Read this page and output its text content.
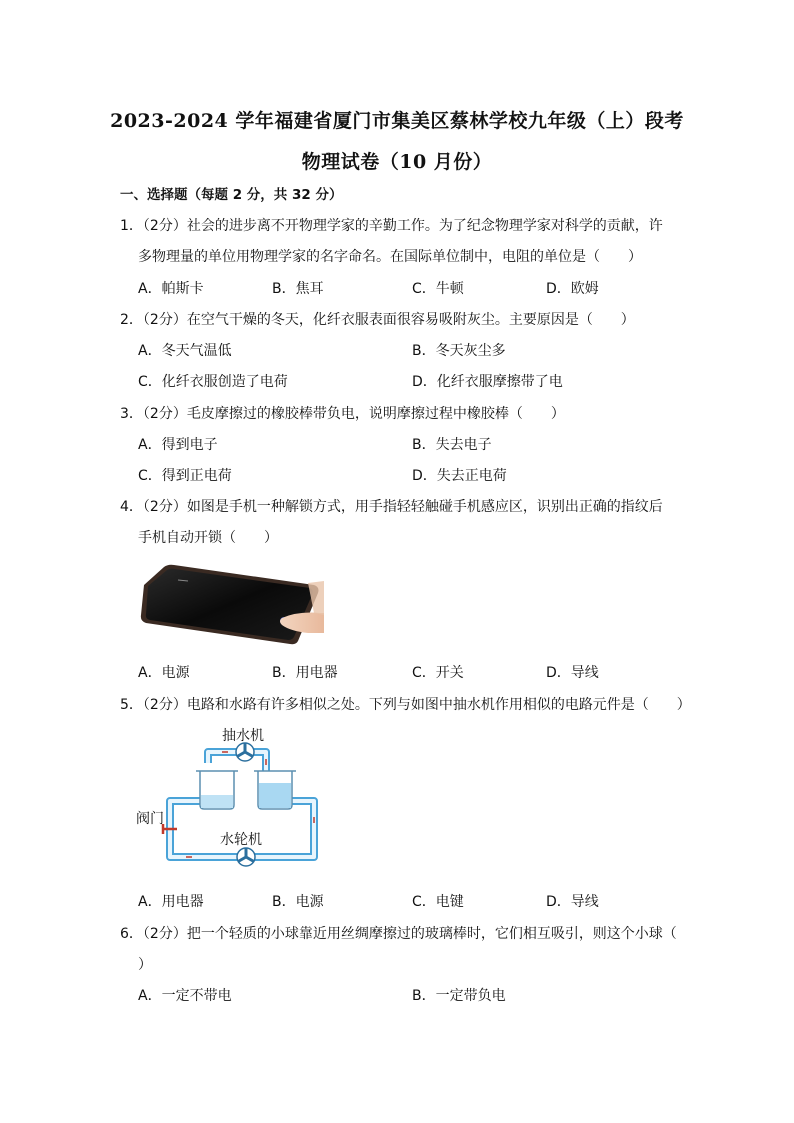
2023-2024 学年福建省厦门市集美区蔡林学校九年级（上）段考
物理试卷（10 月份）
一、选择题（每题 2 分，共 32 分）
1．（2分）社会的进步离不开物理学家的辛勤工作。为了纪念物理学家对科学的贡献，许
多物理量的单位用物理学家的名字命名。在国际单位制中，电阻的单位是（　　）
A．帕斯卡	B．焦耳	C．牛顿	D．欧姆
2．（2分）在空气干燥的冬天，化纤衣服表面很容易吸附灰尘。主要原因是（　　）
A．冬天气温低	B．冬天灰尘多
C．化纤衣服创造了电荷	D．化纤衣服摩擦带了电
3．（2分）毛皮摩擦过的橡胶棒带负电，说明摩擦过程中橡胶棒（　　）
A．得到电子	B．失去电子
C．得到正电荷	D．失去正电荷
4．（2分）如图是手机一种解锁方式，用手指轻轻触碰手机感应区，识别出正确的指纹后
手机自动开锁（　　）
A．电源	B．用电器	C．开关	D．导线
5．（2分）电路和水路有许多相似之处。下列与如图中抽水机作用相似的电路元件是（　　）
抽水机
阀门
水轮机
A．用电器	B．电源	C．电键	D．导线
6．（2分）把一个轻质的小球靠近用丝绸摩擦过的玻璃棒时，它们相互吸引，则这个小球（
）
A．一定不带电	B．一定带负电
